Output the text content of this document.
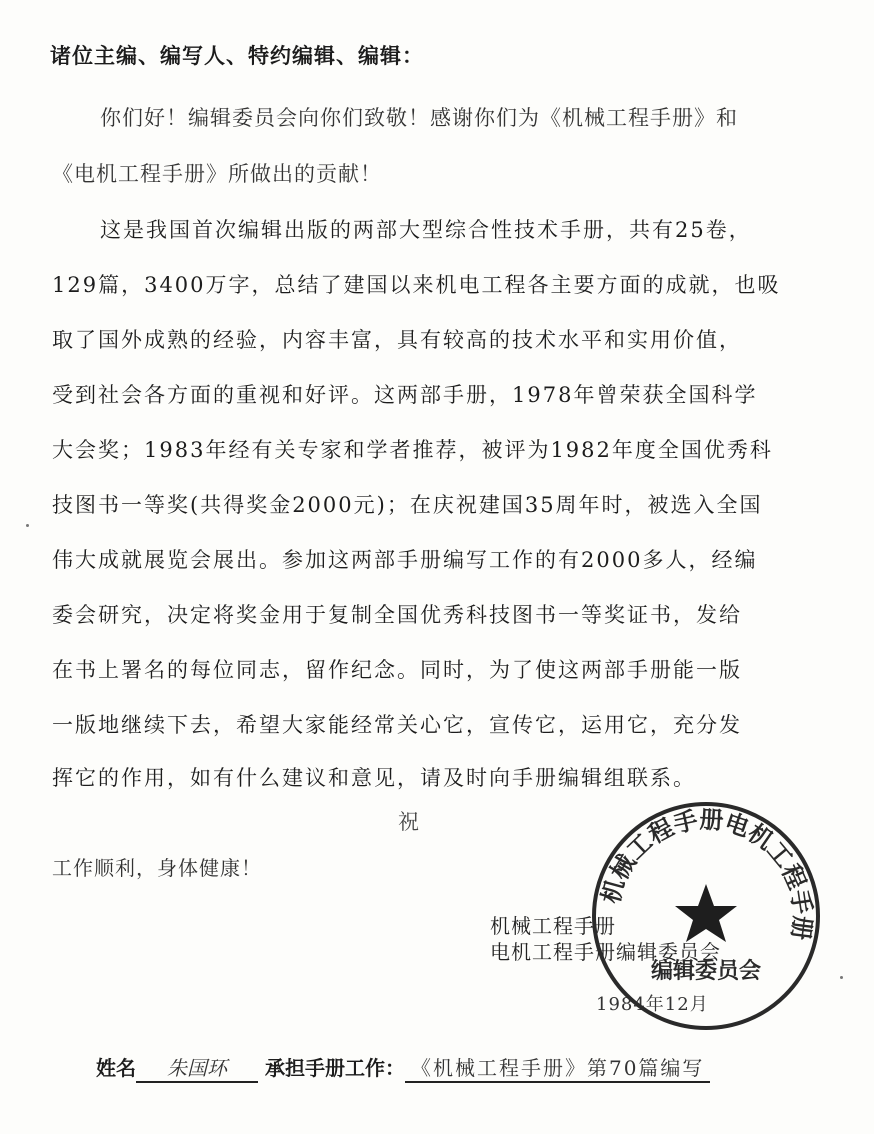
诸位主编、编写人、特约编辑、编辑：
你们好！编辑委员会向你们致敬！感谢你们为《机械工程手册》和
《电机工程手册》所做出的贡献！
这是我国首次编辑出版的两部大型综合性技术手册，共有25卷，
129篇，3400万字，总结了建国以来机电工程各主要方面的成就，也吸
取了国外成熟的经验，内容丰富，具有较高的技术水平和实用价值，
受到社会各方面的重视和好评。这两部手册，1978年曾荣获全国科学
大会奖；1983年经有关专家和学者推荐，被评为1982年度全国优秀科
技图书一等奖(共得奖金2000元)；在庆祝建国35周年时，被选入全国
伟大成就展览会展出。参加这两部手册编写工作的有2000多人，经编
委会研究，决定将奖金用于复制全国优秀科技图书一等奖证书，发给
在书上署名的每位同志，留作纪念。同时，为了使这两部手册能一版
一版地继续下去，希望大家能经常关心它，宣传它，运用它，充分发
挥它的作用，如有什么建议和意见，请及时向手册编辑组联系。
祝
工作顺利，身体健康！
机械工程手册
电机工程手册编辑委员会
1984年12月
机械工程手册电机工程手册
编辑委员会
姓名 朱国环 承担手册工作： 《机械工程手册》第70篇编写
